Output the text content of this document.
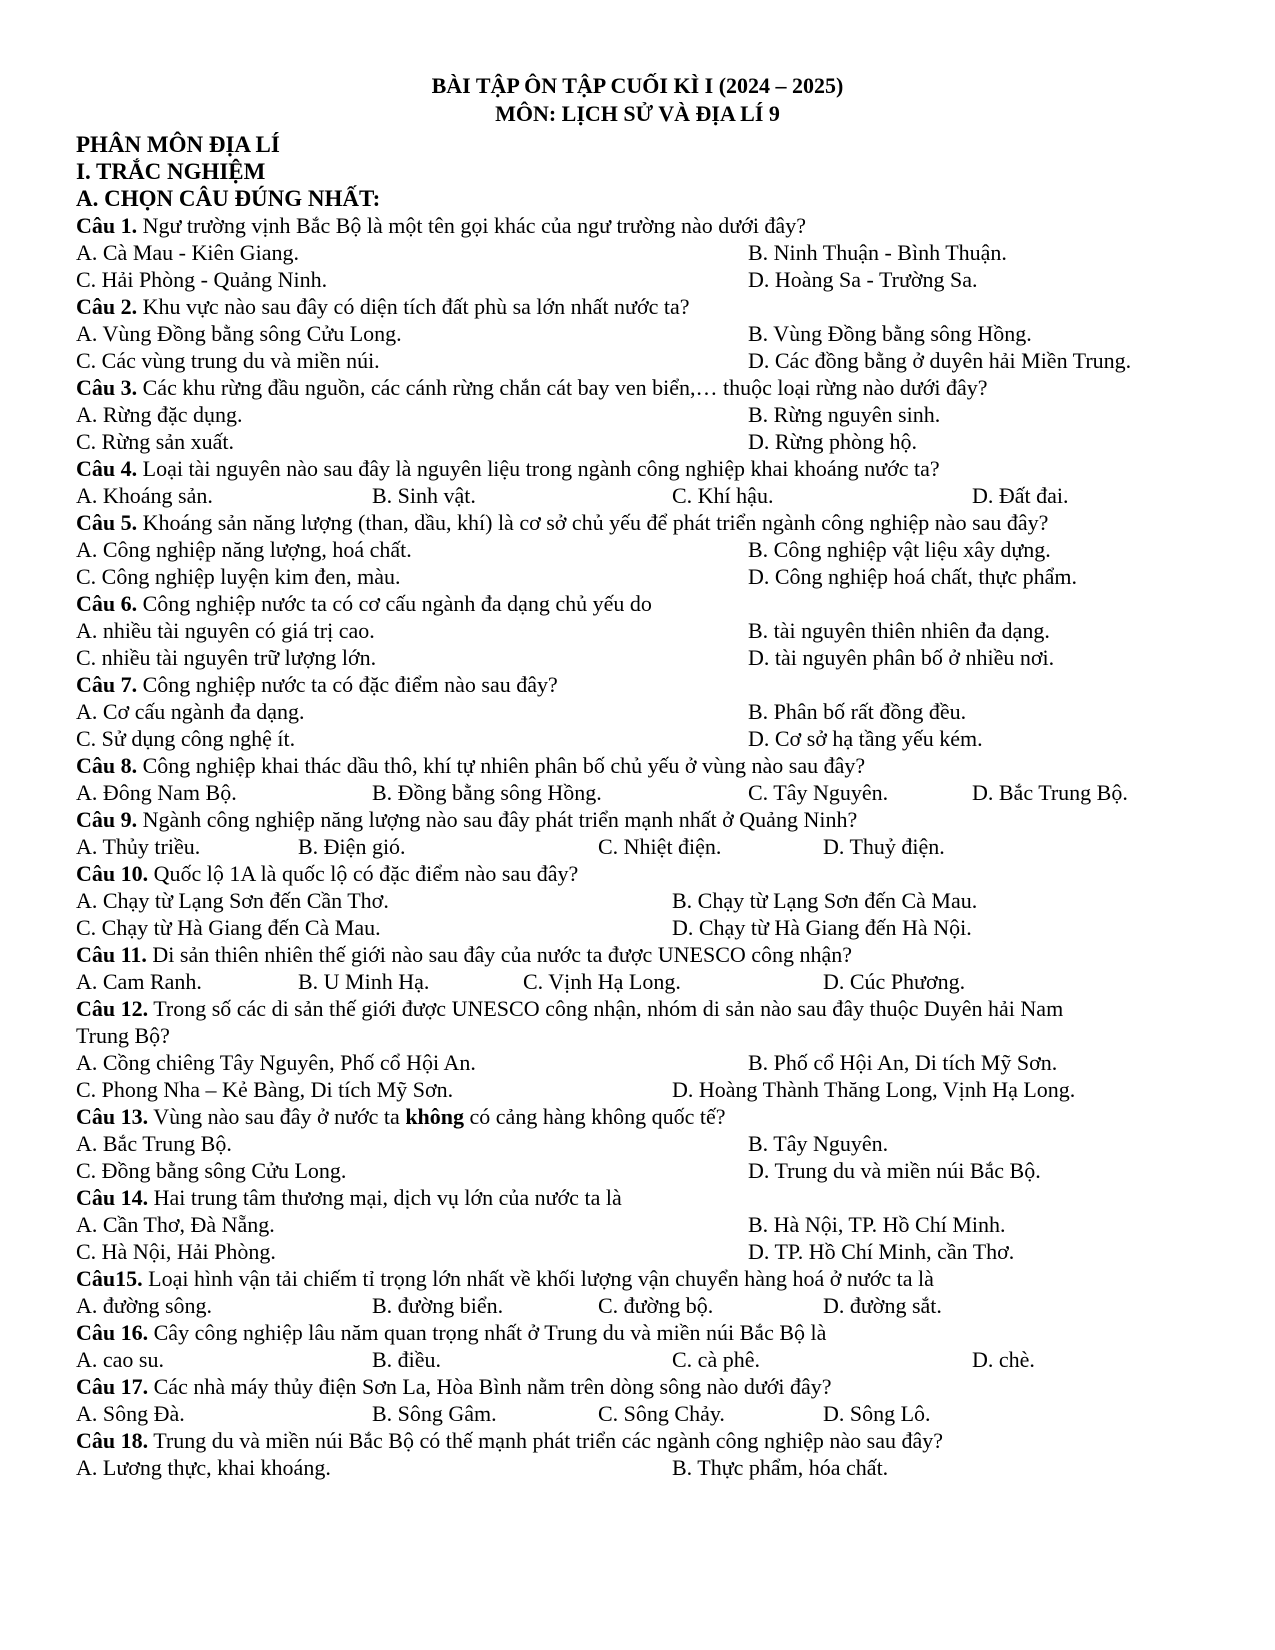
BÀI TẬP ÔN TẬP CUỐI KÌ I (2024 – 2025)
MÔN: LỊCH SỬ VÀ ĐỊA LÍ 9
PHÂN MÔN ĐỊA LÍ
I. TRẮC NGHIỆM
A. CHỌN CÂU ĐÚNG NHẤT:
Câu 1. Ngư trường vịnh Bắc Bộ là một tên gọi khác của ngư trường nào dưới đây?
A. Cà Mau - Kiên Giang.	B. Ninh Thuận - Bình Thuận.
C. Hải Phòng - Quảng Ninh.	D. Hoàng Sa - Trường Sa.
Câu 2. Khu vực nào sau đây có diện tích đất phù sa lớn nhất nước ta?
A. Vùng Đồng bằng sông Cửu Long.	B. Vùng Đồng bằng sông Hồng.
C. Các vùng trung du và miền núi.	D. Các đồng bằng ở duyên hải Miền Trung.
Câu 3. Các khu rừng đầu nguồn, các cánh rừng chắn cát bay ven biển,… thuộc loại rừng nào dưới đây?
A. Rừng đặc dụng.	B. Rừng nguyên sinh.
C. Rừng sản xuất.	D. Rừng phòng hộ.
Câu 4. Loại tài nguyên nào sau đây là nguyên liệu trong ngành công nghiệp khai khoáng nước ta?
A. Khoáng sản.	B. Sinh vật.	C. Khí hậu.	D. Đất đai.
Câu 5. Khoáng sản năng lượng (than, dầu, khí) là cơ sở chủ yếu để phát triển ngành công nghiệp nào sau đây?
A. Công nghiệp năng lượng, hoá chất.	B. Công nghiệp vật liệu xây dựng.
C. Công nghiệp luyện kim đen, màu.	D. Công nghiệp hoá chất, thực phẩm.
Câu 6. Công nghiệp nước ta có cơ cấu ngành đa dạng chủ yếu do
A. nhiều tài nguyên có giá trị cao.	B. tài nguyên thiên nhiên đa dạng.
C. nhiều tài nguyên trữ lượng lớn.	D. tài nguyên phân bố ở nhiều nơi.
Câu 7. Công nghiệp nước ta có đặc điểm nào sau đây?
A. Cơ cấu ngành đa dạng.	B. Phân bố rất đồng đều.
C. Sử dụng công nghệ ít.	D. Cơ sở hạ tầng yếu kém.
Câu 8. Công nghiệp khai thác dầu thô, khí tự nhiên phân bố chủ yếu ở vùng nào sau đây?
A. Đông Nam Bộ.	B. Đồng bằng sông Hồng.	C. Tây Nguyên.	D. Bắc Trung Bộ.
Câu 9. Ngành công nghiệp năng lượng nào sau đây phát triển mạnh nhất ở Quảng Ninh?
A. Thủy triều.	B. Điện gió.	C. Nhiệt điện.	D. Thuỷ điện.
Câu 10. Quốc lộ 1A là quốc lộ có đặc điểm nào sau đây?
A. Chạy từ Lạng Sơn đến Cần Thơ.	B. Chạy từ Lạng Sơn đến Cà Mau.
C. Chạy từ Hà Giang đến Cà Mau.	D. Chạy từ Hà Giang đến Hà Nội.
Câu 11. Di sản thiên nhiên thế giới nào sau đây của nước ta được UNESCO công nhận?
A. Cam Ranh.	B. U Minh Hạ.	C. Vịnh Hạ Long.	D. Cúc Phương.
Câu 12. Trong số các di sản thế giới được UNESCO công nhận, nhóm di sản nào sau đây thuộc Duyên hải Nam
Trung Bộ?
A. Cồng chiêng Tây Nguyên, Phố cổ Hội An.	B. Phố cổ Hội An, Di tích Mỹ Sơn.
C. Phong Nha – Kẻ Bàng, Di tích Mỹ Sơn.	D. Hoàng Thành Thăng Long, Vịnh Hạ Long.
Câu 13. Vùng nào sau đây ở nước ta không có cảng hàng không quốc tế?
A. Bắc Trung Bộ.	B. Tây Nguyên.
C. Đồng bằng sông Cửu Long.	D. Trung du và miền núi Bắc Bộ.
Câu 14. Hai trung tâm thương mại, dịch vụ lớn của nước ta là
A. Cần Thơ, Đà Nẵng.	B. Hà Nội, TP. Hồ Chí Minh.
C. Hà Nội, Hải Phòng.	D. TP. Hồ Chí Minh, cần Thơ.
Câu15. Loại hình vận tải chiếm tỉ trọng lớn nhất về khối lượng vận chuyển hàng hoá ở nước ta là
A. đường sông.	B. đường biển.	C. đường bộ.	D. đường sắt.
Câu 16. Cây công nghiệp lâu năm quan trọng nhất ở Trung du và miền núi Bắc Bộ là
A. cao su.	B. điều.	C. cà phê.	D. chè.
Câu 17. Các nhà máy thủy điện Sơn La, Hòa Bình nằm trên dòng sông nào dưới đây?
A. Sông Đà.	B. Sông Gâm.	C. Sông Chảy.	D. Sông Lô.
Câu 18. Trung du và miền núi Bắc Bộ có thế mạnh phát triển các ngành công nghiệp nào sau đây?
A. Lương thực, khai khoáng.	B. Thực phẩm, hóa chất.
